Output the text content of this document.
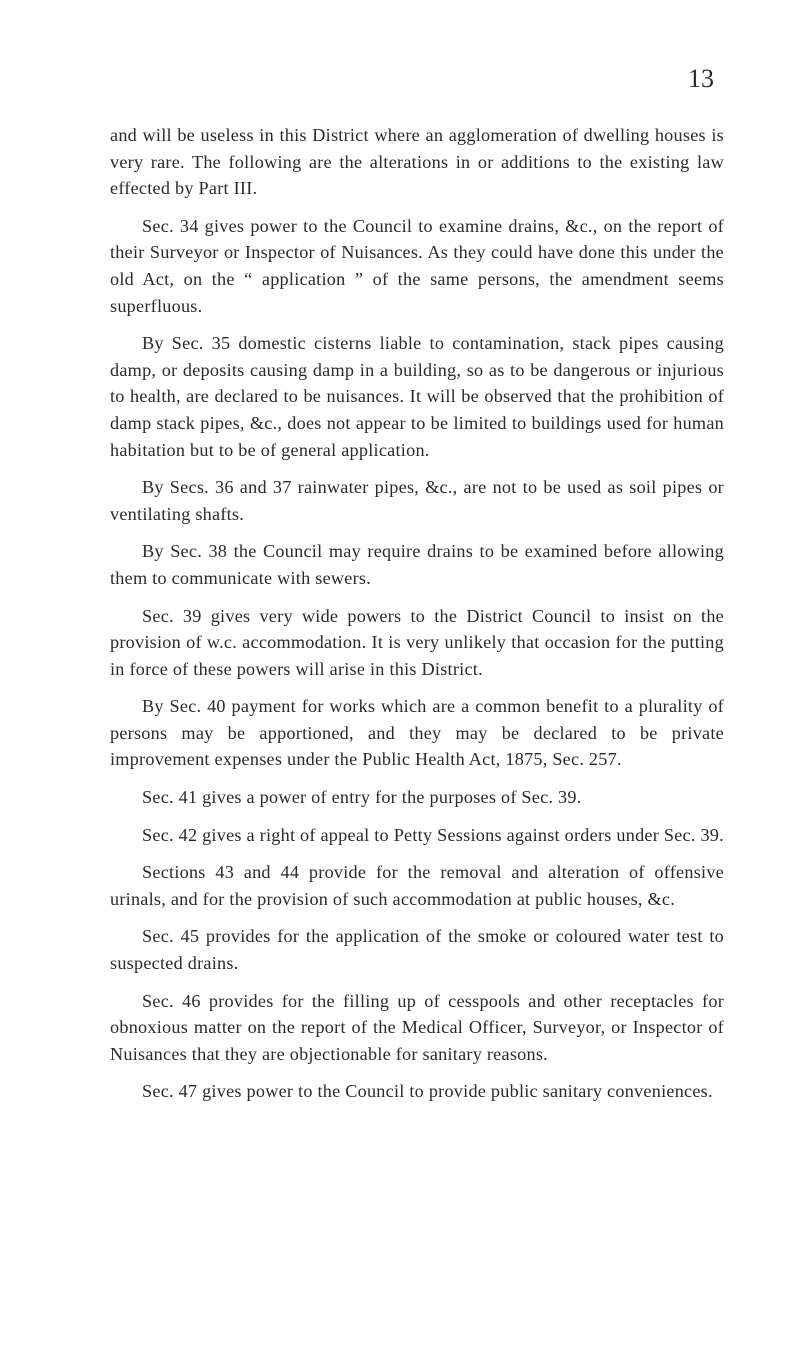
13

and will be useless in this District where an agglomeration of dwelling houses is very rare. The following are the alterations in or additions to the existing law effected by Part III.

Sec. 34 gives power to the Council to examine drains, &c., on the report of their Surveyor or Inspector of Nuisances. As they could have done this under the old Act, on the “ application ” of the same persons, the amendment seems superfluous.

By Sec. 35 domestic cisterns liable to contamination, stack pipes causing damp, or deposits causing damp in a building, so as to be dangerous or injurious to health, are declared to be nuisances. It will be observed that the prohibition of damp stack pipes, &c., does not appear to be limited to buildings used for human habitation but to be of general application.

By Secs. 36 and 37 rainwater pipes, &c., are not to be used as soil pipes or ventilating shafts.

By Sec. 38 the Council may require drains to be examined before allowing them to communicate with sewers.

Sec. 39 gives very wide powers to the District Council to insist on the provision of w.c. accommodation. It is very unlikely that occasion for the putting in force of these powers will arise in this District.

By Sec. 40 payment for works which are a common benefit to a plurality of persons may be apportioned, and they may be declared to be private improvement expenses under the Public Health Act, 1875, Sec. 257.

Sec. 41 gives a power of entry for the purposes of Sec. 39.

Sec. 42 gives a right of appeal to Petty Sessions against orders under Sec. 39.

Sections 43 and 44 provide for the removal and alteration of offensive urinals, and for the provision of such accommodation at public houses, &c.

Sec. 45 provides for the application of the smoke or coloured water test to suspected drains.

Sec. 46 provides for the filling up of cesspools and other receptacles for obnoxious matter on the report of the Medical Officer, Surveyor, or Inspector of Nuisances that they are objectionable for sanitary reasons.

Sec. 47 gives power to the Council to provide public sanitary conveniences.
